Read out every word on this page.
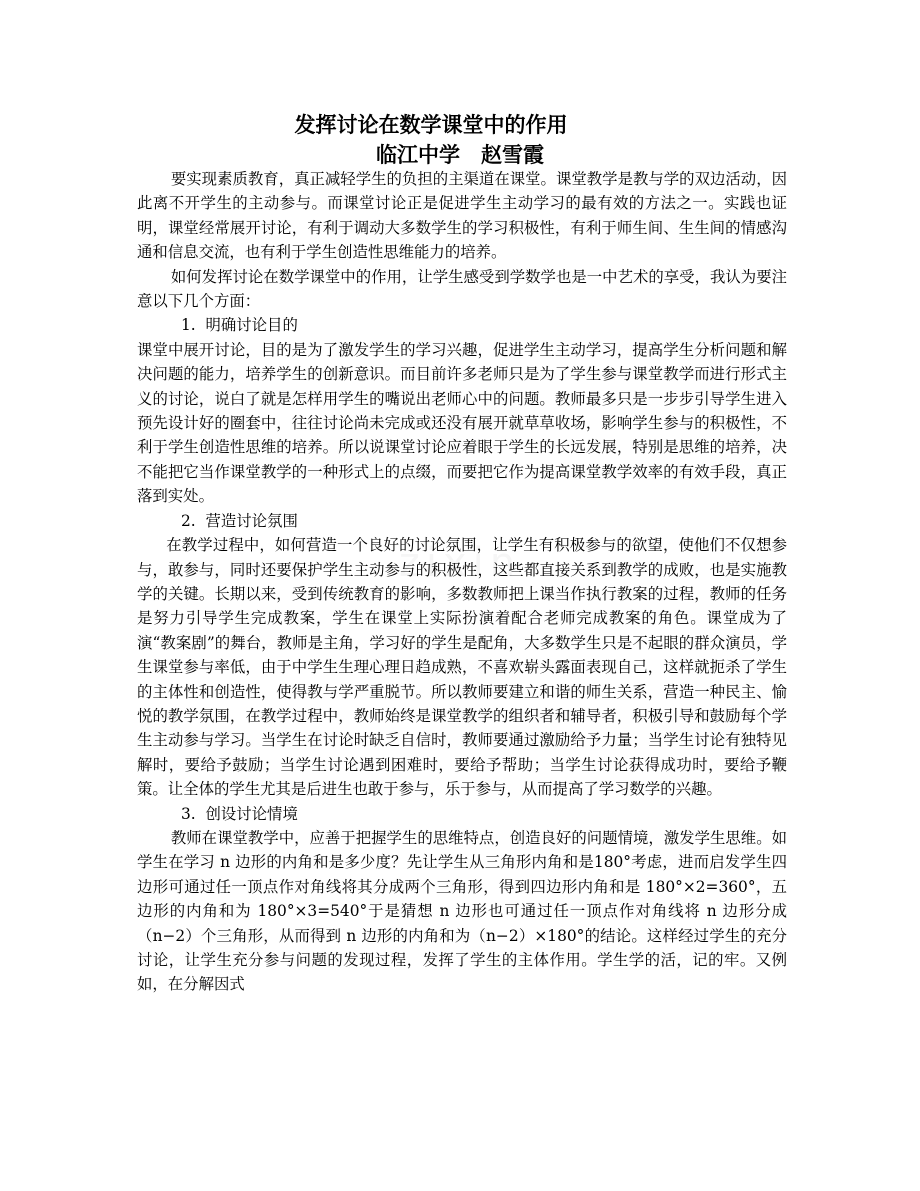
发挥讨论在数学课堂中的作用
临江中学　赵雪霞

要实现素质教育，真正减轻学生的负担的主渠道在课堂。课堂教学是教与学的双边活动，因此离不开学生的主动参与。而课堂讨论正是促进学生主动学习的最有效的方法之一。实践也证明，课堂经常展开讨论，有利于调动大多数学生的学习积极性，有利于师生间、生生间的情感沟通和信息交流，也有利于学生创造性思维能力的培养。

如何发挥讨论在数学课堂中的作用，让学生感受到学数学也是一中艺术的享受，我认为要注意以下几个方面：

1. 明确讨论目的

课堂中展开讨论，目的是为了激发学生的学习兴趣，促进学生主动学习，提高学生分析问题和解决问题的能力，培养学生的创新意识。而目前许多老师只是为了学生参与课堂教学而进行形式主义的讨论，说白了就是怎样用学生的嘴说出老师心中的问题。教师最多只是一步步引导学生进入预先设计好的圈套中，往往讨论尚未完成或还没有展开就草草收场，影响学生参与的积极性，不利于学生创造性思维的培养。所以说课堂讨论应着眼于学生的长远发展，特别是思维的培养，决不能把它当作课堂教学的一种形式上的点缀，而要把它作为提高课堂教学效率的有效手段，真正落到实处。

2. 营造讨论氛围

在教学过程中，如何营造一个良好的讨论氛围，让学生有积极参与的欲望，使他们不仅想参与，敢参与，同时还要保护学生主动参与的积极性，这些都直接关系到教学的成败，也是实施教学的关键。长期以来，受到传统教育的影响，多数教师把上课当作执行教案的过程，教师的任务是努力引导学生完成教案，学生在课堂上实际扮演着配合老师完成教案的角色。课堂成为了演“教案剧”的舞台，教师是主角，学习好的学生是配角，大多数学生只是不起眼的群众演员，学生课堂参与率低，由于中学生生理心理日趋成熟，不喜欢崭头露面表现自己，这样就扼杀了学生的主体性和创造性，使得教与学严重脱节。所以教师要建立和谐的师生关系，营造一种民主、愉悦的教学氛围，在教学过程中，教师始终是课堂教学的组织者和辅导者，积极引导和鼓励每个学生主动参与学习。当学生在讨论时缺乏自信时，教师要通过激励给予力量；当学生讨论有独特见解时，要给予鼓励；当学生讨论遇到困难时，要给予帮助；当学生讨论获得成功时，要给予鞭策。让全体的学生尤其是后进生也敢于参与，乐于参与，从而提高了学习数学的兴趣。

3. 创设讨论情境

教师在课堂教学中，应善于把握学生的思维特点，创造良好的问题情境，激发学生思维。如学生在学习 n 边形的内角和是多少度？先让学生从三角形内角和是180°考虑，进而启发学生四边形可通过任一顶点作对角线将其分成两个三角形，得到四边形内角和是 180°×2=360°，五边形的内角和为 180°×3=540°于是猜想 n 边形也可通过任一顶点作对角线将 n 边形分成（n−2）个三角形，从而得到 n 边形的内角和为（n−2）×180°的结论。这样经过学生的充分讨论，让学生充分参与问题的发现过程，发挥了学生的主体作用。学生学的活，记的牢。又例如，在分解因式
